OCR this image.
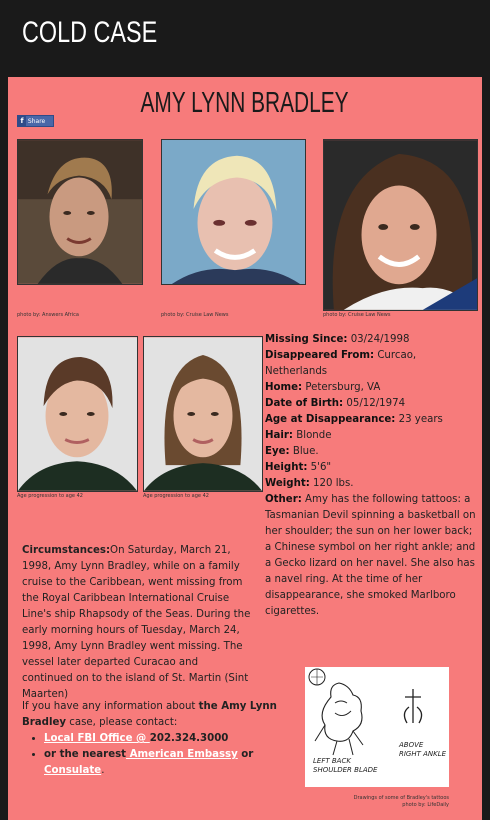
COLD CASE
AMY LYNN BRADLEY
f Share
photo by: Answers Africa	photo by: Cruise Law News	photo by: Cruise Law News
Age progression to age 42	Age progression to age 42
Missing Since: 03/24/1998
Disappeared From: Curcao, Netherlands
Home: Petersburg, VA
Date of Birth: 05/12/1974
Age at Disappearance: 23 years
Hair: Blonde
Eye: Blue.
Height: 5'6"
Weight: 120 lbs.
Other: Amy has the following tattoos: a Tasmanian Devil spinning a basketball on her shoulder; the sun on her lower back; a Chinese symbol on her right ankle; and a Gecko lizard on her navel. She also has a navel ring. At the time of her disappearance, she smoked Marlboro cigarettes.
Circumstances:On Saturday, March 21, 1998, Amy Lynn Bradley, while on a family cruise to the Caribbean, went missing from the Royal Caribbean International Cruise Line's ship Rhapsody of the Seas. During the early morning hours of Tuesday, March 24, 1998, Amy Lynn Bradley went missing. The vessel later departed Curacao and continued on to the island of St. Martin (Sint Maarten)
If you have any information about the Amy Lynn Bradley case, please contact:
• Local FBI Office @ 202.324.3000
• or the nearest American Embassy or Consulate.
LEFT BACK SHOULDER BLADE
ABOVE RIGHT ANKLE
Drawings of some of Bradley's tattoos
photo by: LifeDaily
